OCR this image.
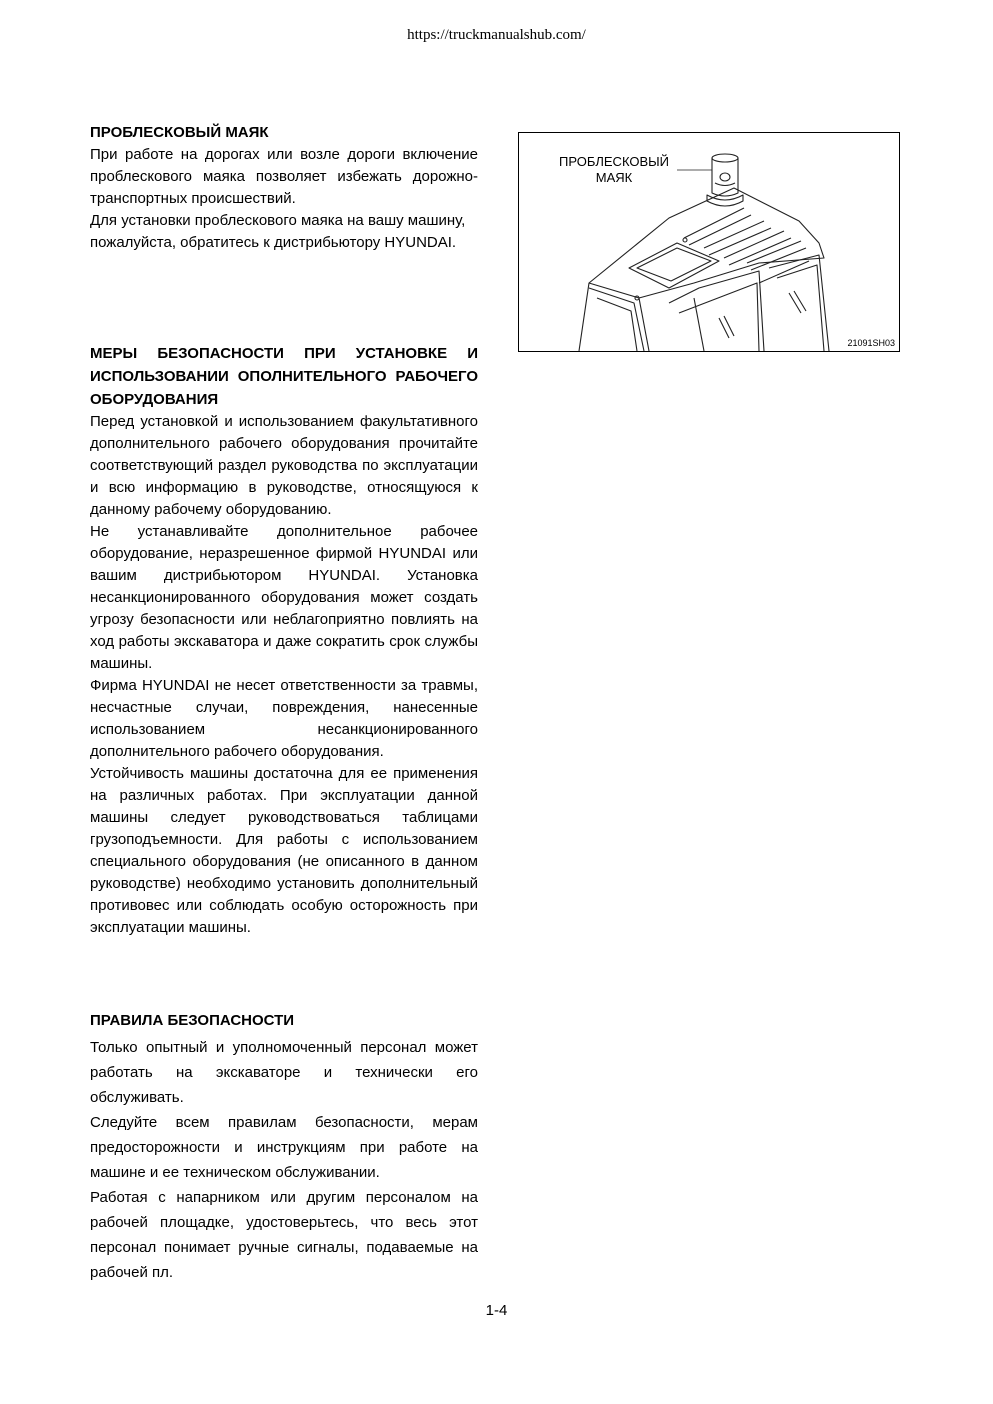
https://truckmanualshub.com/
ПРОБЛЕСКОВЫЙ МАЯК

При работе на дорогах или возле дороги включение проблескового маяка позволяет избежать дорожно-транспортных происшествий.

Для установки проблескового маяка на вашу машину,

пожалуйста, обратитесь к дистрибьютору HYUNDAI.

МЕРЫ БЕЗОПАСНОСТИ ПРИ УСТАНОВКЕ И ИСПОЛЬЗОВАНИИ ОПОЛНИТЕЛЬНОГО РАБОЧЕГО ОБОРУДОВАНИЯ

Перед установкой и использованием факультативного дополнительного рабочего оборудования прочитайте соответствующий раздел руководства по эксплуатации и всю информацию в руководстве, относящуюся к данному рабочему оборудованию.

Не устанавливайте дополнительное рабочее оборудование, неразрешенное фирмой HYUNDAI или вашим дистрибьютором HYUNDAI. Установка несанкционированного оборудования может создать угрозу безопасности или неблагоприятно повлиять на ход работы экскаватора и даже сократить срок службы машины.

Фирма HYUNDAI не несет ответственности за травмы, несчастные случаи, повреждения, нанесенные использованием несанкционированного дополнительного рабочего оборудования.

Устойчивость машины достаточна для ее применения на различных работах. При эксплуатации данной машины следует руководствоваться таблицами грузоподъемности. Для работы с использованием специального оборудования (не описанного в данном руководстве) необходимо установить дополнительный противовес или соблюдать особую осторожность при эксплуатации машины.

ПРАВИЛА БЕЗОПАСНОСТИ

Только опытный и уполномоченный персонал может работать на экскаваторе и технически его обслуживать.

Следуйте всем правилам безопасности, мерам предосторожности и инструкциям при работе на машине и ее техническом обслуживании.

Работая с напарником или другим персоналом на рабочей площадке, удостоверьтесь, что весь этот персонал понимает ручные сигналы, подаваемые на рабочей пл.

ПРОБЛЕСКОВЫЙ
МАЯК
21091SH03
1-4
